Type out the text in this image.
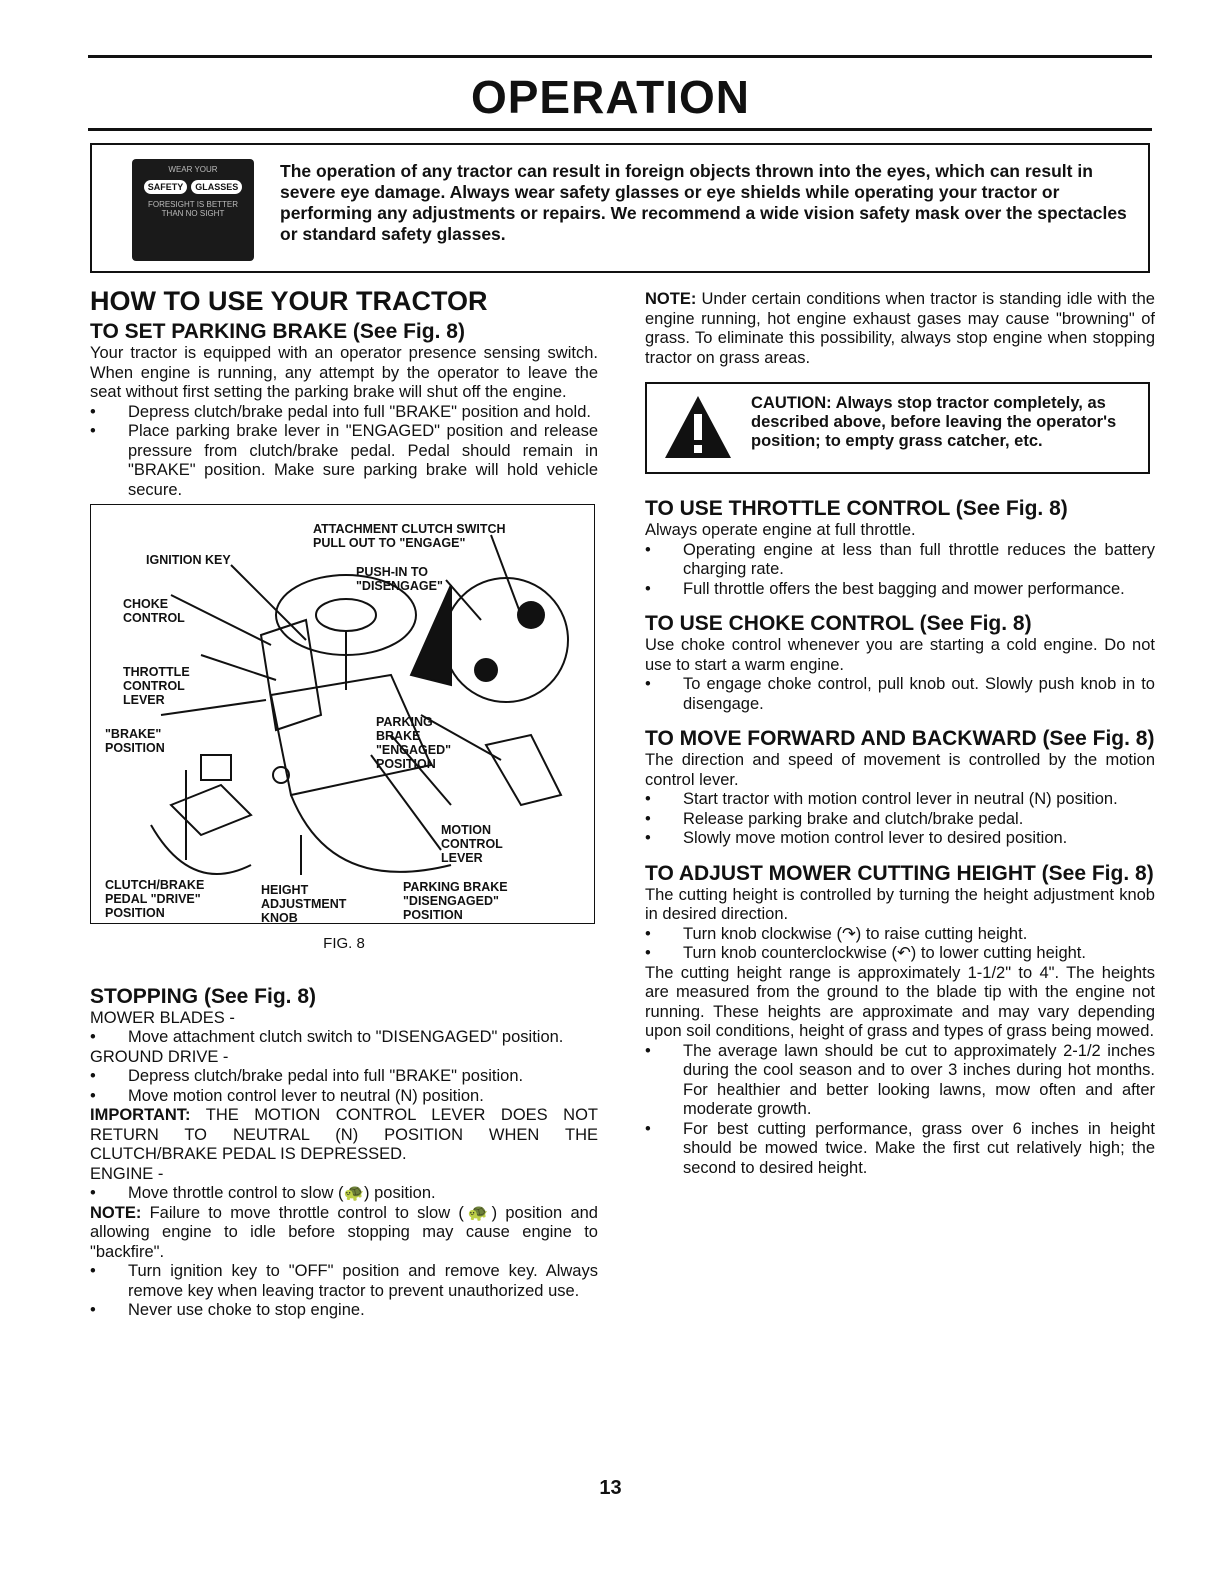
OPERATION
WEAR YOUR
SAFETY GLASSES
FORESIGHT IS BETTER THAN NO SIGHT
The operation of any tractor can result in foreign objects thrown into the eyes, which can result in severe eye damage. Always wear safety glasses or eye shields while operating your tractor or performing any adjustments or repairs. We recommend a wide vision safety mask over the spectacles or standard safety glasses.
HOW TO USE YOUR TRACTOR
TO SET PARKING BRAKE (See Fig. 8)

Your tractor is equipped with an operator presence sensing switch. When engine is running, any attempt by the operator to leave the seat without first setting the parking brake will shut off the engine.

• Depress clutch/brake pedal into full "BRAKE" position and hold.
• Place parking brake lever in "ENGAGED" position and release pressure from clutch/brake pedal. Pedal should remain in "BRAKE" position. Make sure parking brake will hold vehicle secure.
ATTACHMENT CLUTCH SWITCH
PULL OUT TO "ENGAGE"
IGNITION KEY
PUSH-IN TO
"DISENGAGE"
CHOKE
CONTROL
THROTTLE
CONTROL
LEVER
"BRAKE"
POSITION
PARKING
BRAKE
"ENGAGED"
POSITION
MOTION
CONTROL
LEVER
CLUTCH/BRAKE
PEDAL "DRIVE"
POSITION
HEIGHT
ADJUSTMENT
KNOB
PARKING BRAKE
"DISENGAGED"
POSITION
FIG. 8
STOPPING (See Fig. 8)

MOWER BLADES -

• Move attachment clutch switch to "DISENGAGED" position.

GROUND DRIVE -

• Depress clutch/brake pedal into full "BRAKE" position.
• Move motion control lever to neutral (N) position.

IMPORTANT: THE MOTION CONTROL LEVER DOES NOT RETURN TO NEUTRAL (N) POSITION WHEN THE CLUTCH/BRAKE PEDAL IS DEPRESSED.

ENGINE -

• Move throttle control to slow (🐢) position.

NOTE: Failure to move throttle control to slow (🐢) position and allowing engine to idle before stopping may cause engine to "backfire".

• Turn ignition key to "OFF" position and remove key. Always remove key when leaving tractor to prevent unauthorized use.
• Never use choke to stop engine.

NOTE: Under certain conditions when tractor is standing idle with the engine running, hot engine exhaust gases may cause "browning" of grass. To eliminate this possibility, always stop engine when stopping tractor on grass areas.

CAUTION: Always stop tractor completely, as described above, before leaving the operator's position; to empty grass catcher, etc.
TO USE THROTTLE CONTROL (See Fig. 8)

Always operate engine at full throttle.

• Operating engine at less than full throttle reduces the battery charging rate.
• Full throttle offers the best bagging and mower performance.
TO USE CHOKE CONTROL (See Fig. 8)

Use choke control whenever you are starting a cold engine. Do not use to start a warm engine.

• To engage choke control, pull knob out. Slowly push knob in to disengage.
TO MOVE FORWARD AND BACKWARD (See Fig. 8)

The direction and speed of movement is controlled by the motion control lever.

• Start tractor with motion control lever in neutral (N) position.
• Release parking brake and clutch/brake pedal.
• Slowly move motion control lever to desired position.
TO ADJUST MOWER CUTTING HEIGHT (See Fig. 8)

The cutting height is controlled by turning the height adjustment knob in desired direction.

• Turn knob clockwise (↷) to raise cutting height.
• Turn knob counterclockwise (↶) to lower cutting height.

The cutting height range is approximately 1-1/2" to 4". The heights are measured from the ground to the blade tip with the engine not running. These heights are approximate and may vary depending upon soil conditions, height of grass and types of grass being mowed.

• The average lawn should be cut to approximately 2-1/2 inches during the cool season and to over 3 inches during hot months. For healthier and better looking lawns, mow often and after moderate growth.
• For best cutting performance, grass over 6 inches in height should be mowed twice. Make the first cut relatively high; the second to desired height.
13
